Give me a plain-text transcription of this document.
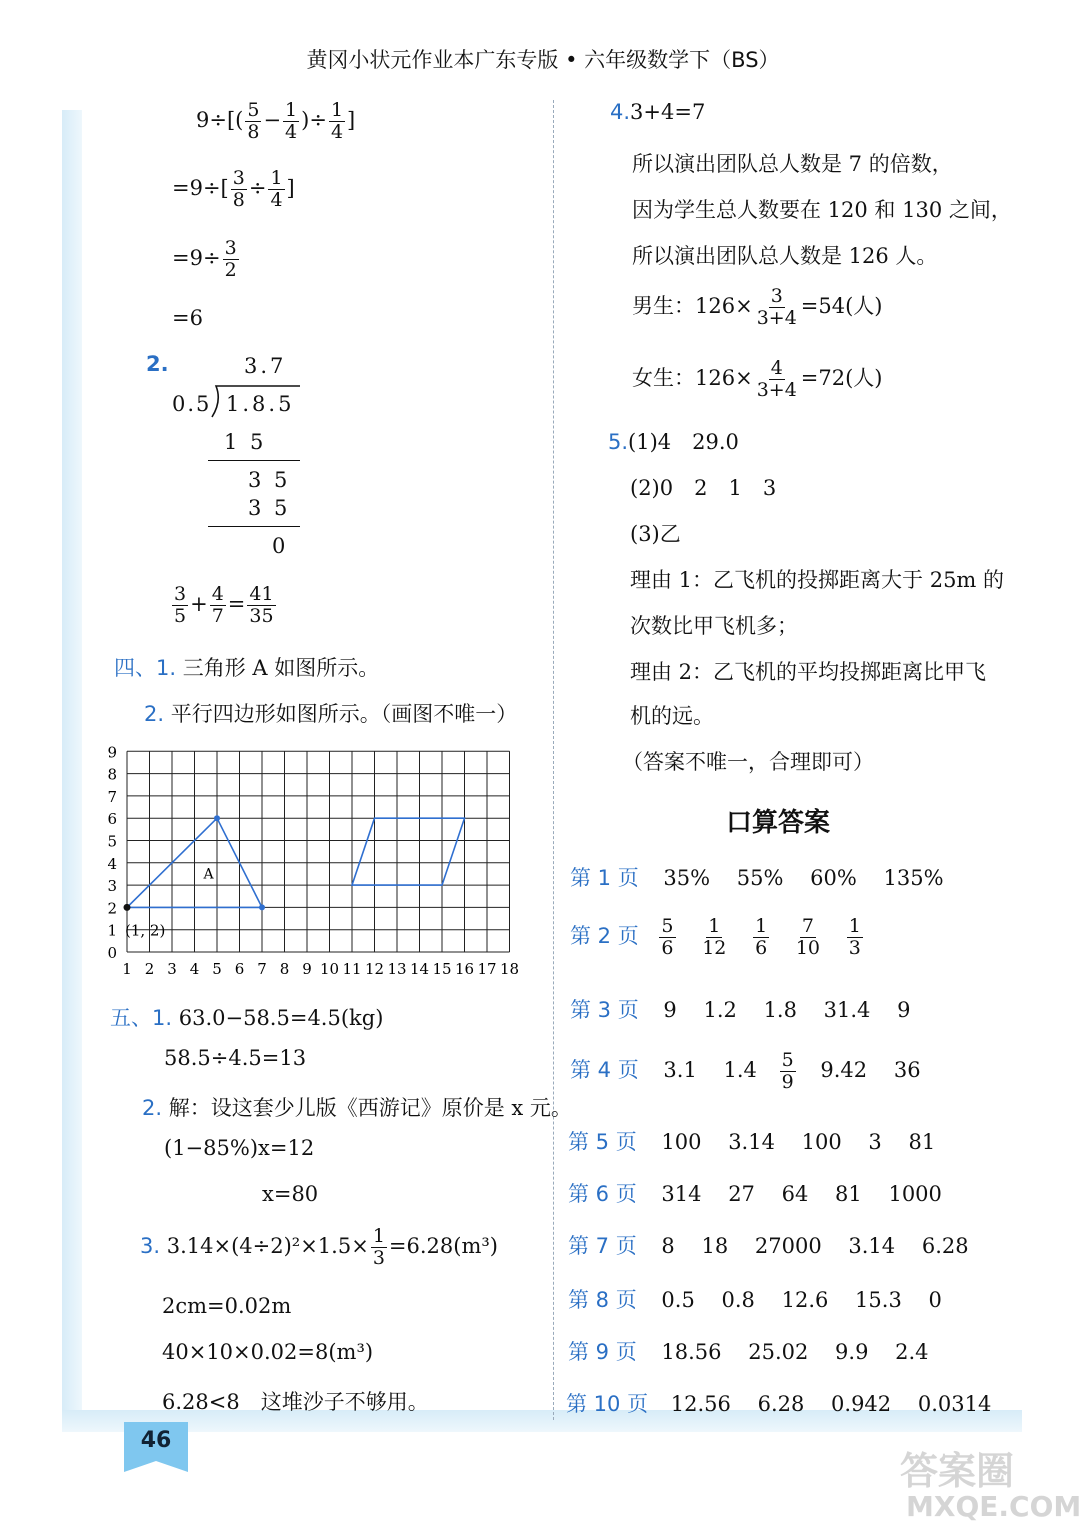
黄冈小状元作业本广东专版 • 六年级数学下（BS）
$9\div[( \frac{5}{8} - \frac{1}{4}$ )÷ $\frac{1}{4}$ ]
$=9\div[ \frac{3}{8} \div \frac{1}{4}$ ]
$=9\div \frac{3}{2}$
=6
2.	3.7
0.5 1.8.5
1 5
3 5
3 5
0
$\frac{3}{5} + \frac{4}{7} = \frac{41}{35}$
四、1. 三角形 A 如图所示。
2. 平行四边形如图所示。（画图不唯一）
0
1
2
3
4
5
6
7
8
9
1 2 3 4 5 6 7 8 9 10 11 12 13 14 15 16 17 18
(1, 2)
A
五、1. 63.0−58.5=4.5(kg)
58.5÷4.5=13
2. 解：设这套少儿版《西游记》原价是 x 元。
(1−85%)x=12
x=80
3. $3.14\times(4\div 2)^2\times 1.5\times \frac{1}{3} =6.28(m^3)$
2cm=0.02m
40×10×0.02=8(m³)
6.28<8　这堆沙子不够用。
4.3+4=7
所以演出团队总人数是 7 的倍数，
因为学生总人数要在 120 和 130 之间，
所以演出团队总人数是 126 人。
男生：$126\times \frac{3}{3+4} =54$(人)
女生：$126\times \frac{4}{3+4} =72$(人)
5.(1)4　29.0
(2)0　2　1　3
(3)乙
理由 1：乙飞机的投掷距离大于 25m 的
次数比甲飞机多；
理由 2：乙飞机的平均投掷距离比甲飞
机的远。
（答案不唯一，合理即可）
口算答案
第 1 页 35% 55% 60% 135%
第 2 页 $\frac{5}{6}$
$\frac{1}{12}$
$\frac{1}{6}$
$\frac{7}{10}$
$\frac{1}{3}$
第 3 页 9 1.2 1.8 31.4 9
第 4 页 3.1 $1.4 \frac{5}{9} 9.42$ 36
第 5 页 100 3.14 100 3 81
第 6 页 314 27 64 81 1000
第 7 页 8 18 27000 3.14 6.28
第 8 页 0.5 0.8 12.6 15.3 0
第 9 页 18.56 25.02 9.9 2.4
第 10 页 12.56 6.28 0.942 0.0314
46
答案圈
MXQE.COM
